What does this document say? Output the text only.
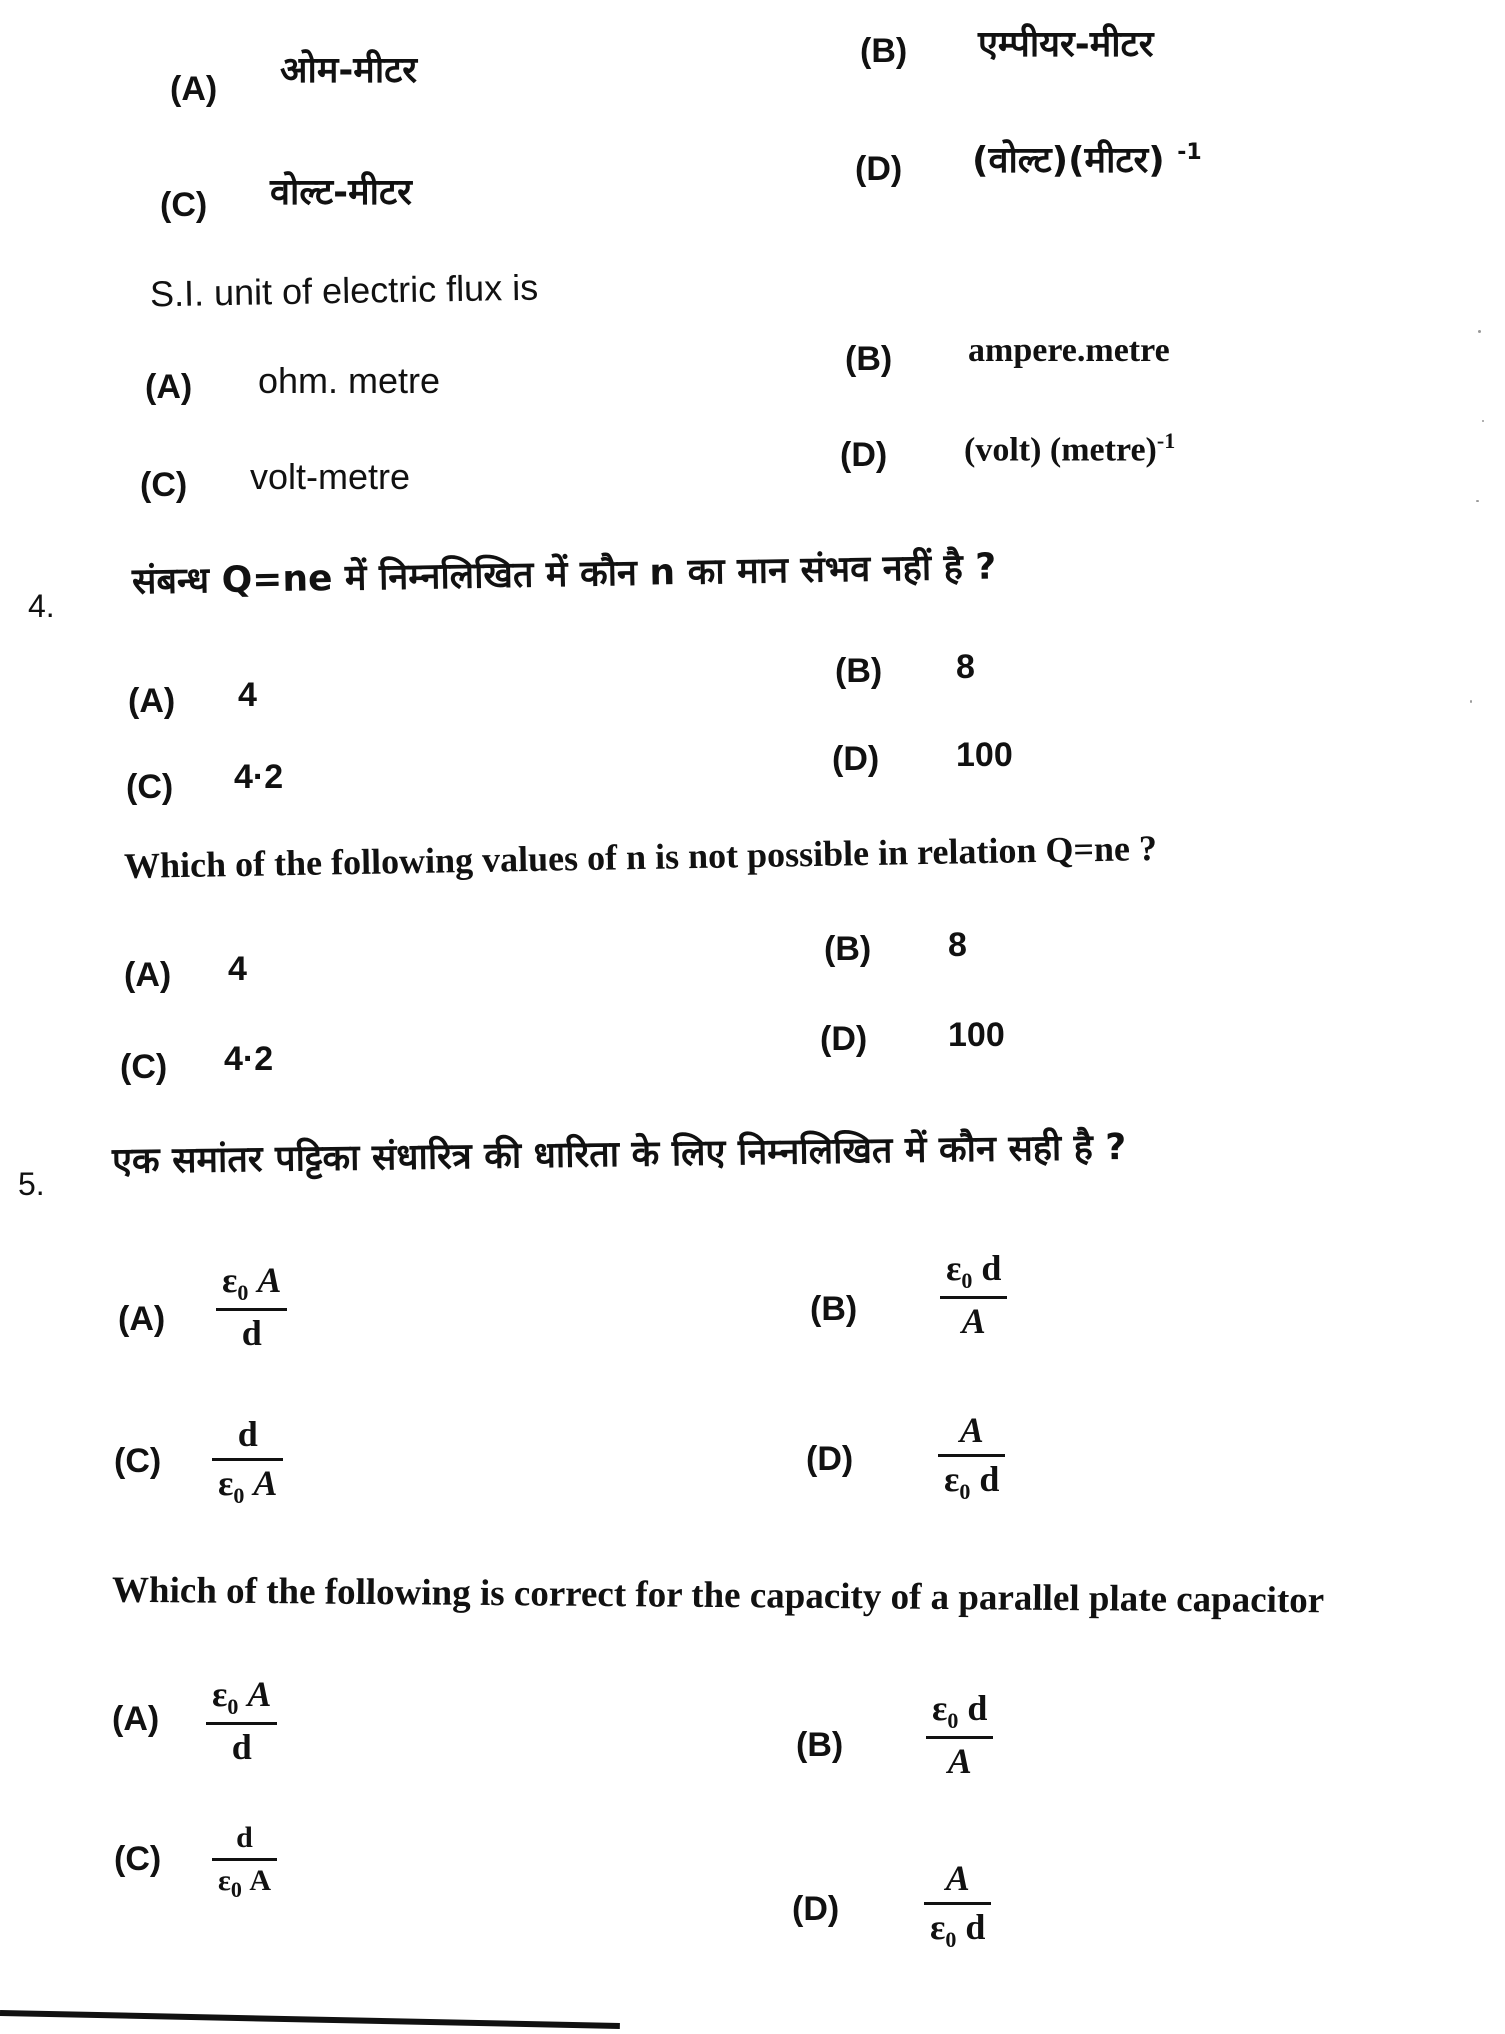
(A) ओम-मीटर	(B) एम्पीयर-मीटर
(C) वोल्ट-मीटर
(D) (वोल्ट)(मीटर) $^{-1}$
S.I. unit of electric flux is
(A) ohm. metre
(B) ampere.metre
(C) volt-metre
(D) (volt) (metre)$^{-1}$
4.
संबन्ध Q=ne में निम्नलिखित में कौन n का मान संभव नहीं है ?
(A) 4
(B) 8
(C) 4·2	(D) 100
Which of the following values of n is not possible in relation Q=ne ?
(A) 4
(B) 8
(C) 4·2
(D) 100
5.
एक समांतर पट्टिका संधारित्र की धारिता के लिए निम्नलिखित में कौन सही है ?
(A)
$\varepsilon_0$ A
d
(B)
$\varepsilon_0$ d
A
(C)
d
$\varepsilon_0$ A
(D)
A
$\varepsilon_0$ d
Which of the following is correct for the capacity of a parallel plate capacitor
(A)
$\varepsilon_0$ A
d	(B)
$\varepsilon_0$ d
A
(C)
d
$\varepsilon_0$ A
(D)
A
$\varepsilon_0$ d
